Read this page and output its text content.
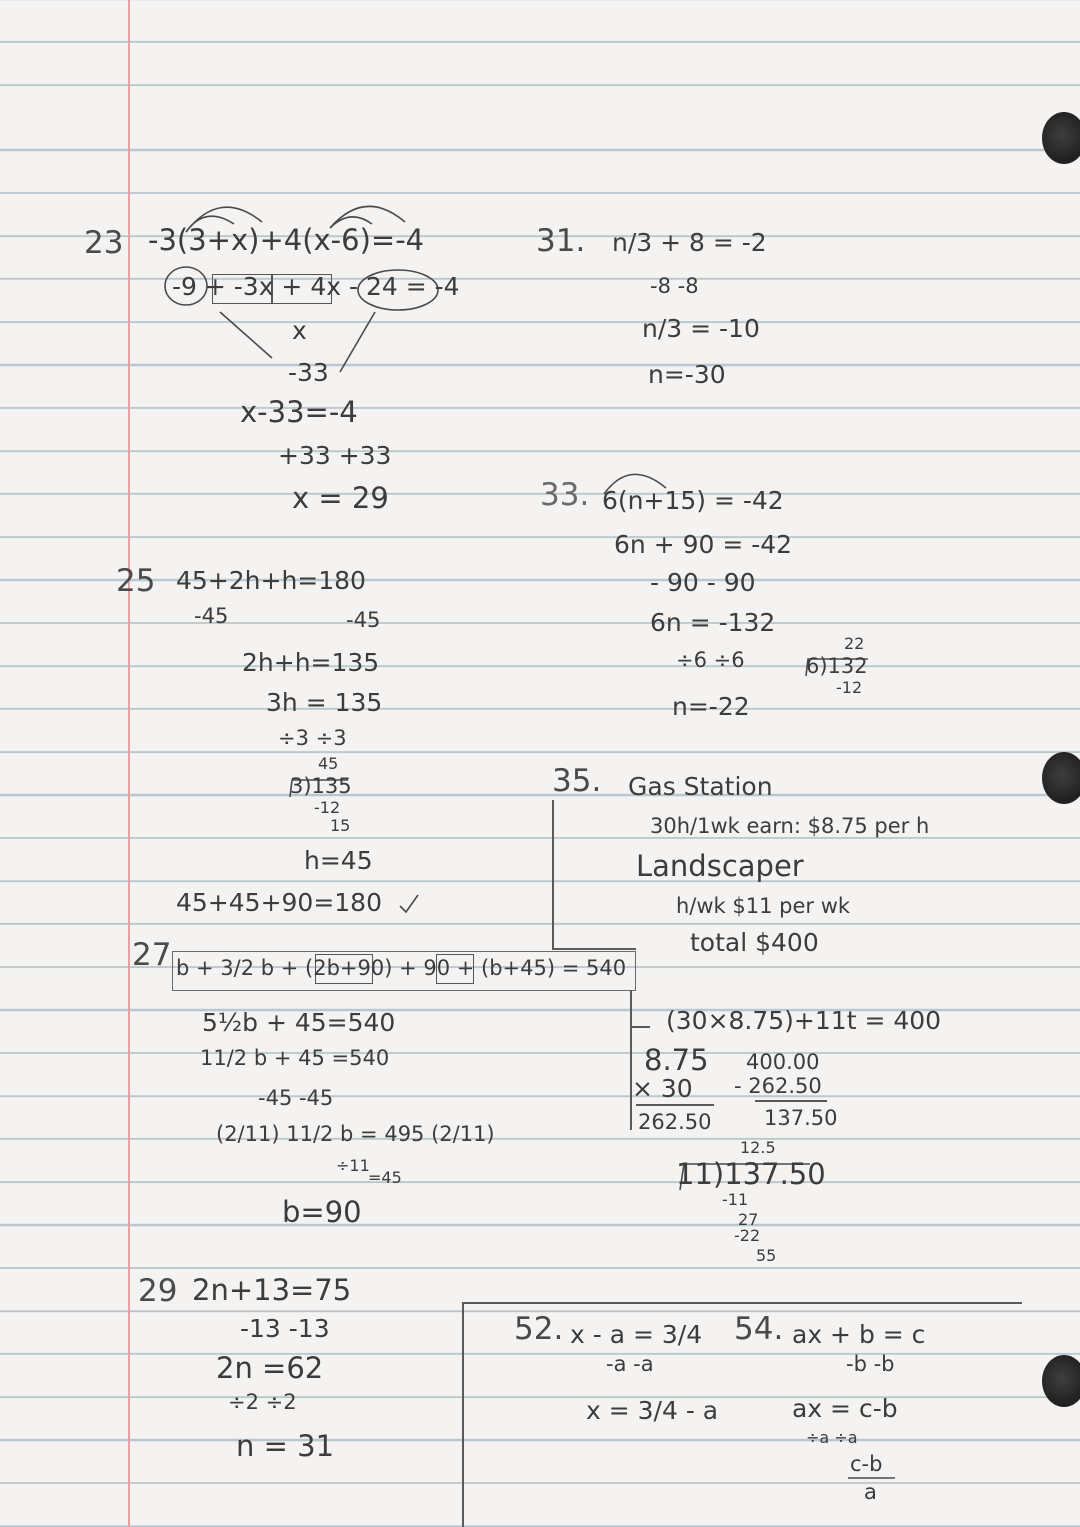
23 -3(3+x)+4(x-6)=-4
-9 + -3x + 4x - 24 = -4
x
-33
x-33=-4
+33 +33
x = 29
25 45+2h+h=180
-45	-45
2h+h=135
3h = 135
÷3 ÷3
45
3)135
-12
15
h=45
45+45+90=180
27 b + 3/2 b + (2b+90) + 90 + (b+45) = 540
5½b + 45=540
11/2 b + 45 =540
-45 -45
(2/11) 11/2 b = 495 (2/11)
÷11
=45
b=90
29 2n+13=75
-13 -13
2n =62
÷2 ÷2
n = 31
31. n/3 + 8 = -2
-8 -8
n/3 = -10
n=-30
33. 6(n+15) = -42
6n + 90 = -42
- 90 - 90
6n = -132
÷6 ÷6
n=-22
22
6)132
-12
35. Gas Station
30h/1wk earn: $8.75 per h
Landscaper
h/wk $11 per wk
total $400
(30×8.75)+11t = 400
8.75
× 30
262.50
400.00
- 262.50
137.50
12.5
11)137.50
-11
27
-22
55
52. x - a = 3/4
-a -a
x = 3/4 - a
54. ax + b = c
-b -b
ax = c-b
÷a ÷a
c-b
a
